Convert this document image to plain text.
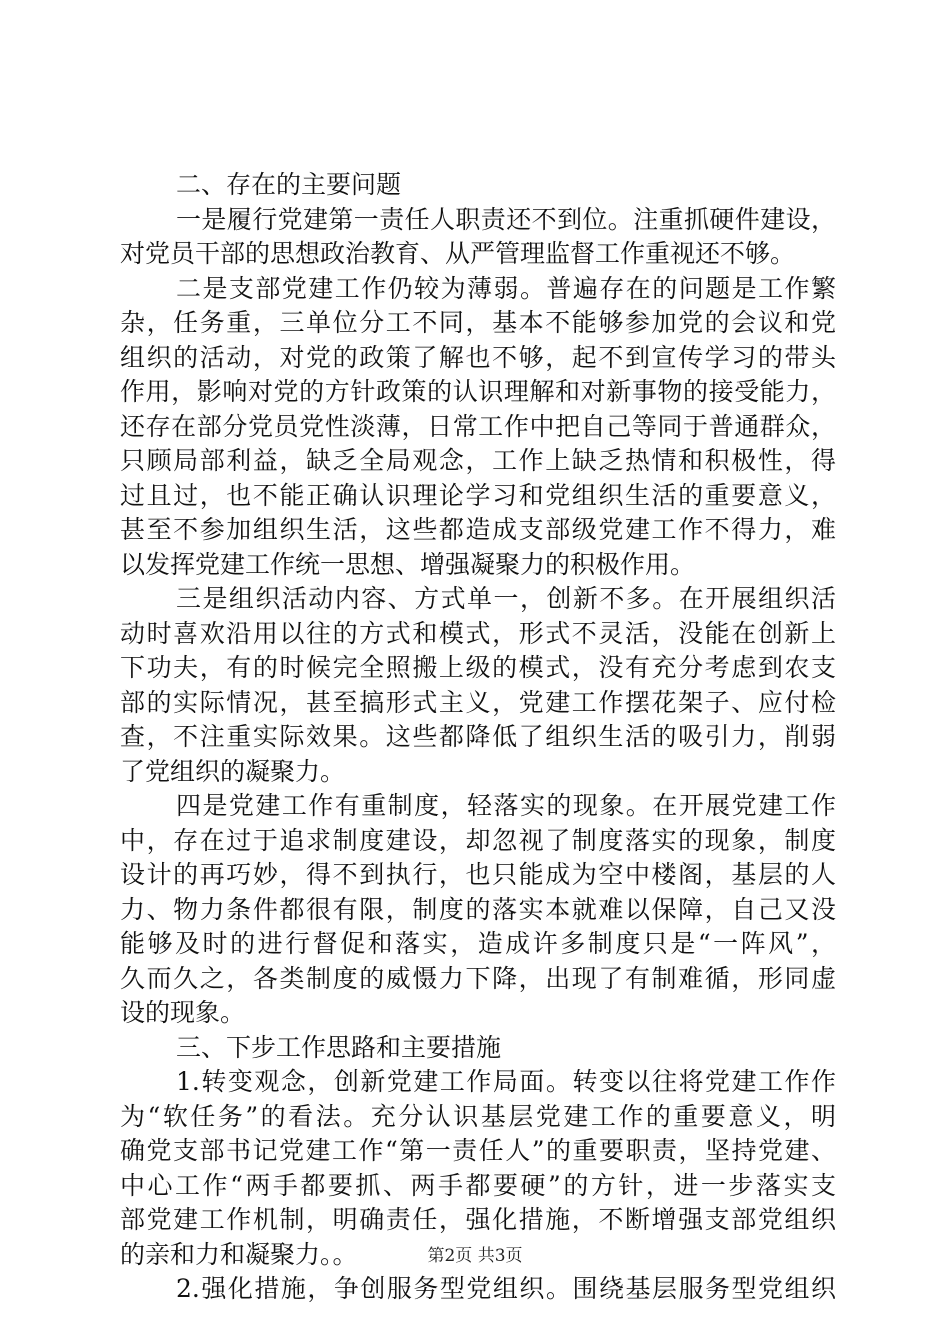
二、存在的主要问题
一是履行党建第一责任人职责还不到位。注重抓硬件建设，
对党员干部的思想政治教育、从严管理监督工作重视还不够。
二是支部党建工作仍较为薄弱。普遍存在的问题是工作繁
杂，任务重，三单位分工不同，基本不能够参加党的会议和党
组织的活动，对党的政策了解也不够，起不到宣传学习的带头
作用，影响对党的方针政策的认识理解和对新事物的接受能力，
还存在部分党员党性淡薄，日常工作中把自己等同于普通群众，
只顾局部利益，缺乏全局观念，工作上缺乏热情和积极性，得
过且过，也不能正确认识理论学习和党组织生活的重要意义，
甚至不参加组织生活，这些都造成支部级党建工作不得力，难
以发挥党建工作统一思想、增强凝聚力的积极作用。
三是组织活动内容、方式单一，创新不多。在开展组织活
动时喜欢沿用以往的方式和模式，形式不灵活，没能在创新上
下功夫，有的时候完全照搬上级的模式，没有充分考虑到农支
部的实际情况，甚至搞形式主义，党建工作摆花架子、应付检
查，不注重实际效果。这些都降低了组织生活的吸引力，削弱
了党组织的凝聚力。
四是党建工作有重制度，轻落实的现象。在开展党建工作
中，存在过于追求制度建设，却忽视了制度落实的现象，制度
设计的再巧妙，得不到执行，也只能成为空中楼阁，基层的人
力、物力条件都很有限，制度的落实本就难以保障，自己又没
能够及时的进行督促和落实，造成许多制度只是“一阵风”，
久而久之，各类制度的威慑力下降，出现了有制难循，形同虚
设的现象。
三、下步工作思路和主要措施
1.转变观念，创新党建工作局面。转变以往将党建工作作
为“软任务”的看法。充分认识基层党建工作的重要意义，明
确党支部书记党建工作“第一责任人”的重要职责，坚持党建、
中心工作“两手都要抓、两手都要硬”的方针，进一步落实支
部党建工作机制，明确责任，强化措施，不断增强支部党组织
的亲和力和凝聚力。。
2.强化措施，争创服务型党组织。围绕基层服务型党组织
第2页 共3页
